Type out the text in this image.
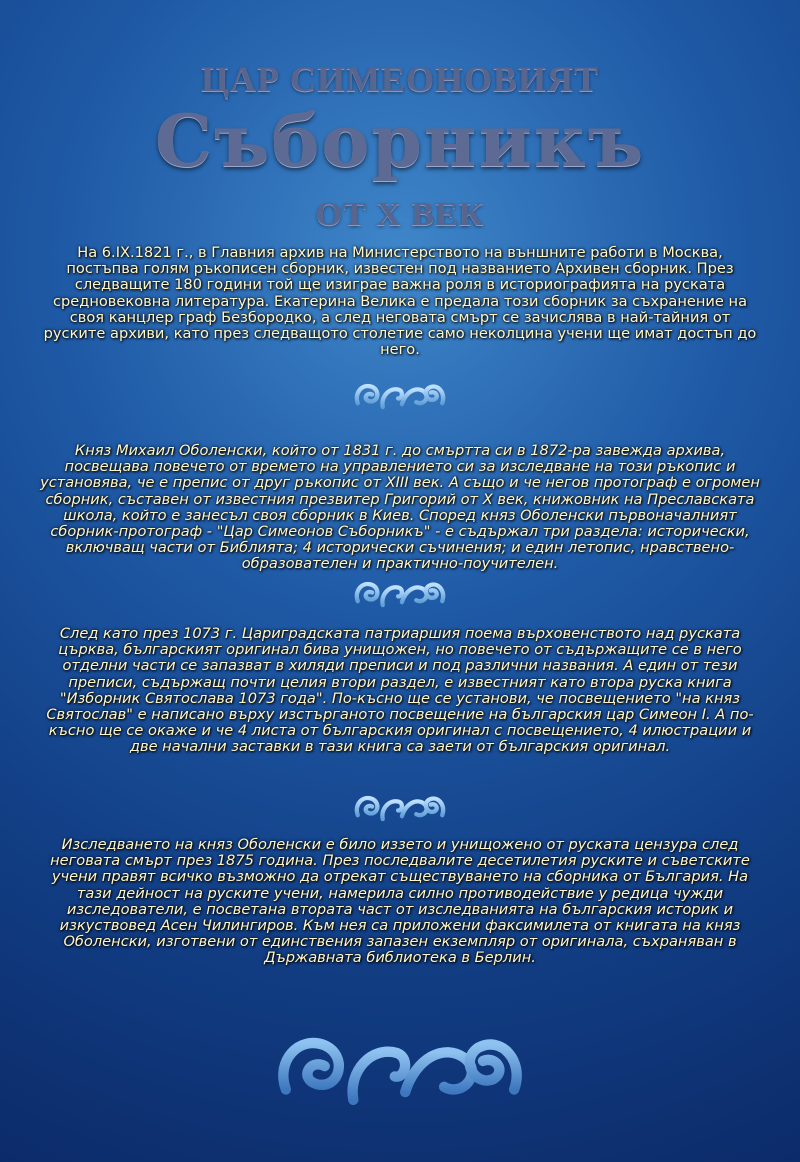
ЦАР СИМЕОНОВИЯТ
Съборникъ
ОТ X ВЕК
На 6.IX.1821 г., в Главния архив на Министерството на външните работи в Москва, постъпва голям ръкописен сборник, известен под названието Архивен сборник. През следващите 180 години той ще изиграе важна роля в историографията на руската средновековна литература. Екатерина Велика е предала този сборник за съхранение на своя канцлер граф Безбородко, а след неговата смърт се зачислява в най-тайния от руските архиви, като през следващото столетие само неколцина учени ще имат достъп до него.
Княз Михаил Оболенски, който от 1831 г. до смъртта си в 1872-ра завежда архива, посвещава повечето от времето на управлението си за изследване на този ръкопис и установява, че е препис от друг ръкопис от XIII век. А също и че негов протограф е огромен сборник, съставен от известния презвитер Григорий от X век, книжовник на Преславската школа, който е занесъл своя сборник в Киев. Според княз Оболенски първоначалният сборник-протограф - "Цар Симеонов Съборникъ" - е съдържал три раздела: исторически, включващ части от Библията; 4 исторически съчинения; и един летопис, нравствено-образователен и практично-поучителен.
След като през 1073 г. Цариградската патриаршия поема върховенството над руската църква, българският оригинал бива унищожен, но повечето от съдържащите се в него отделни части се запазват в хиляди преписи и под различни названия. А един от тези преписи, съдържащ почти целия втори раздел, е известният като втора руска книга "Изборник Святослава 1073 года". По-късно ще се установи, че посвещението "на княз Святослав" е написано върху изстърганото посвещение на българския цар Симеон I. А по-късно ще се окаже и че 4 листа от българския оригинал с посвещението, 4 илюстрации и две начални заставки в тази книга са заети от българския оригинал.
Изследването на княз Оболенски е било иззето и унищожено от руската цензура след неговата смърт през 1875 година. През последвалите десетилетия руските и съветските учени правят всичко възможно да отрекат съществуването на сборника от България. На тази дейност на руските учени, намерила силно противодействие у редица чужди изследователи, е посветана втората част от изследванията на българския историк и изкуствовед Асен Чилингиров. Към нея са приложени факсимилета от книгата на княз Оболенски, изготвени от единствения запазен екземпляр от оригинала, съхраняван в Държавната библиотека в Берлин.
